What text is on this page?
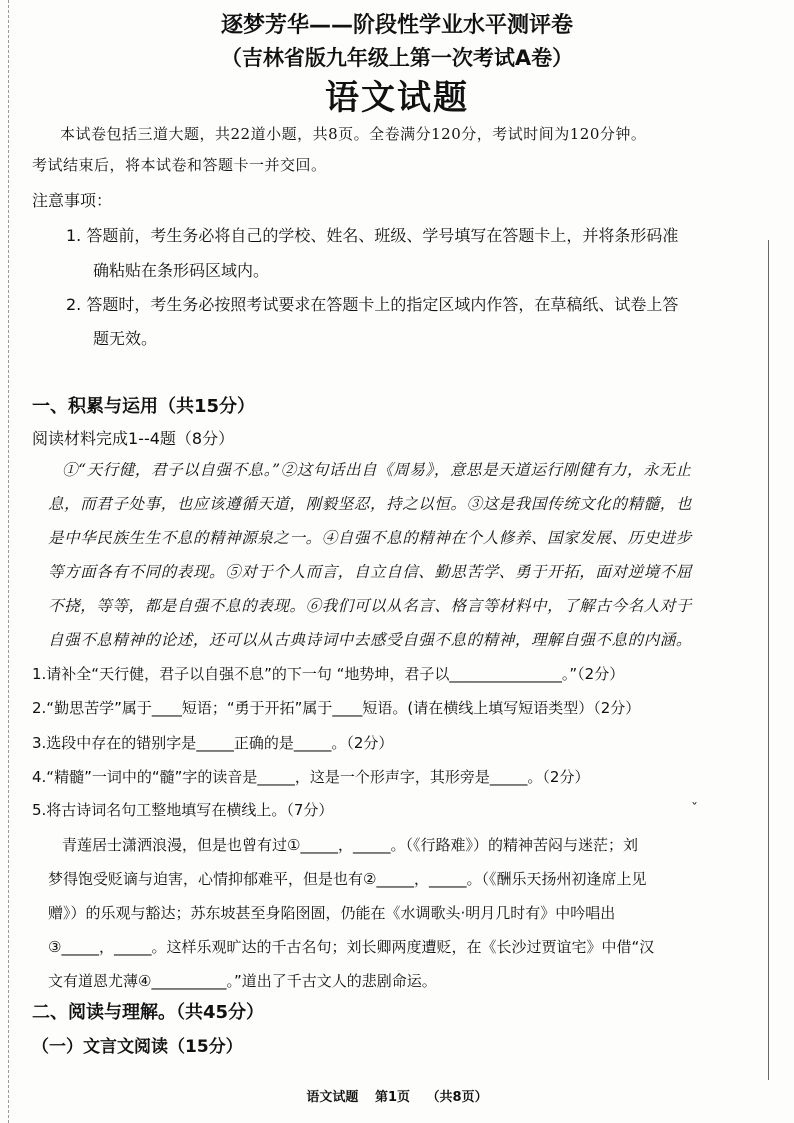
逐梦芳华——阶段性学业水平测评卷
（吉林省版九年级上第一次考试A卷）
语文试题
本试卷包括三道大题，共22道小题，共8页。全卷满分120分，考试时间为120分钟。
考试结束后，将本试卷和答题卡一并交回。
注意事项：
1. 答题前，考生务必将自己的学校、姓名、班级、学号填写在答题卡上，并将条形码准
确粘贴在条形码区域内。
2. 答题时，考生务必按照考试要求在答题卡上的指定区域内作答，在草稿纸、试卷上答
题无效。
一、积累与运用（共15分）
阅读材料完成1--4题（8分）
①“天行健，君子以自强不息。”②这句话出自《周易》，意思是天道运行刚健有力，永无止
息，而君子处事，也应该遵循天道，刚毅坚忍，持之以恒。③这是我国传统文化的精髓，也
是中华民族生生不息的精神源泉之一。④自强不息的精神在个人修养、国家发展、历史进步
等方面各有不同的表现。⑤对于个人而言，自立自信、勤思苦学、勇于开拓，面对逆境不屈
不挠，等等，都是自强不息的表现。⑥我们可以从名言、格言等材料中，了解古今名人对于
自强不息精神的论述，还可以从古典诗词中去感受自强不息的精神，理解自强不息的内涵。
1.请补全“天行健，君子以自强不息”的下一句 “地势坤，君子以_______________。”（2分）
2.“勤思苦学”属于____短语；“勇于开拓”属于____短语。(请在横线上填写短语类型）（2分）
3.选段中存在的错别字是_____正确的是_____。（2分）
4.“精髓”一词中的“髓”字的读音是_____，这是一个形声字，其形旁是_____。（2分）
˯
5.将古诗词名句工整地填写在横线上。（7分）
青莲居士潇洒浪漫，但是也曾有过①_____，_____。（《行路难》）的精神苦闷与迷茫；刘
梦得饱受贬谪与迫害，心情抑郁难平，但是也有②_____，_____。（《酬乐天扬州初逢席上见
赠》）的乐观与豁达；苏东坡甚至身陷囹圄，仍能在《水调歌头·明月几时有》中吟唱出
③_____，_____。这样乐观旷达的千古名句；刘长卿两度遭贬，在《长沙过贾谊宅》中借“汉
文有道恩尤薄④__________。”道出了千古文人的悲剧命运。
二、阅读与理解。（共45分）
（一）文言文阅读（15分）
语文试题 第1页 （共8页）
